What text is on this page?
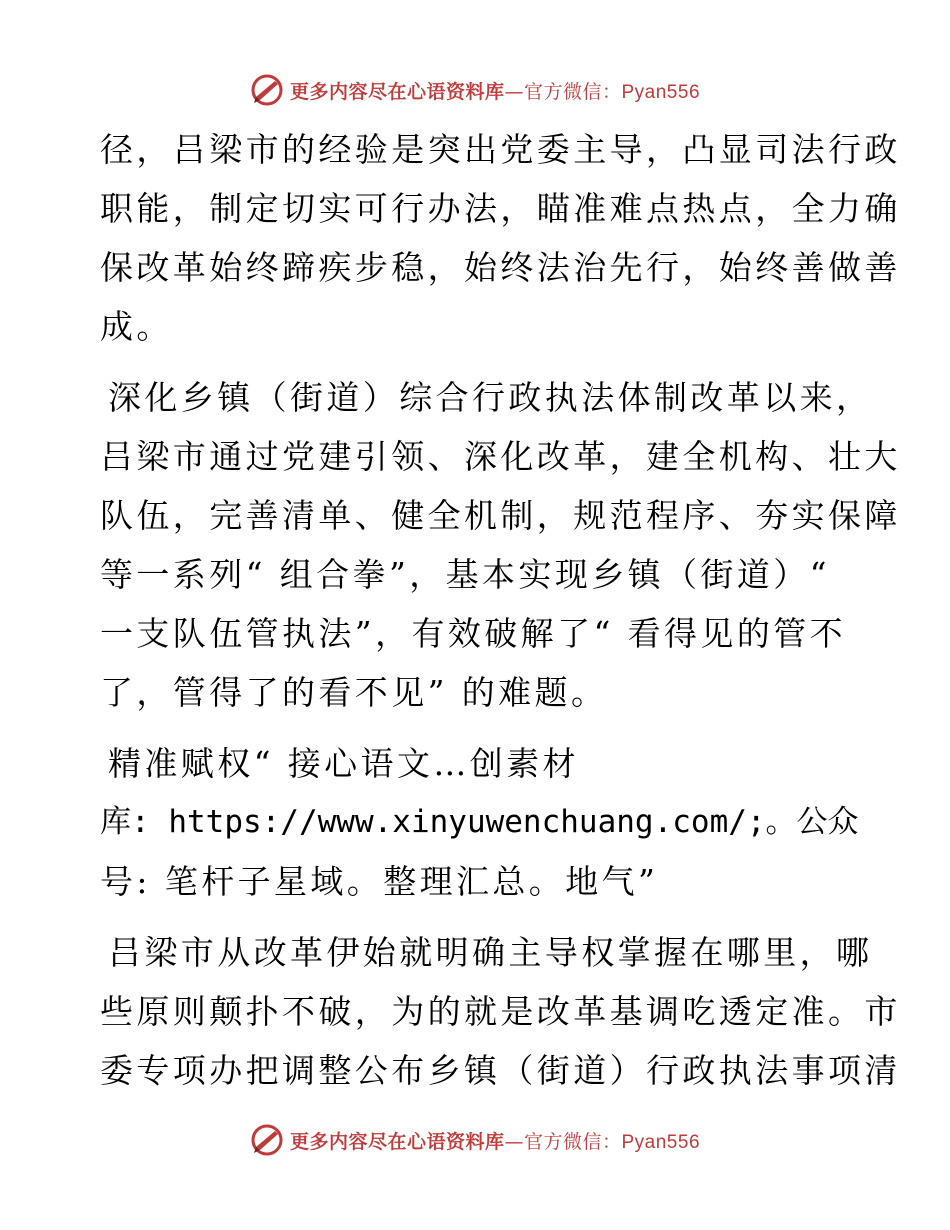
更多内容尽在心语资料库—官方微信：Pyan556

径，吕梁市的经验是突出党委主导，凸显司法行政
职能，制定切实可行办法，瞄准难点热点，全力确
保改革始终蹄疾步稳，始终法治先行，始终善做善
成。

深化乡镇（街道）综合行政执法体制改革以来，
吕梁市通过党建引领、深化改革，建全机构、壮大
队伍，完善清单、健全机制，规范程序、夯实保障
等一系列“ 组合拳”，基本实现乡镇（街道）“
一支队伍管执法”，有效破解了“ 看得见的管不
了，管得了的看不见” 的难题。

精准赋权“ 接心语文…创素材
库: https://www.xinyuwenchuang.com/;。公众
号: 笔杆子星域。整理汇总。地气”

吕梁市从改革伊始就明确主导权掌握在哪里，哪
些原则颠扑不破，为的就是改革基调吃透定准。市
委专项办把调整公布乡镇（街道）行政执法事项清

更多内容尽在心语资料库—官方微信：Pyan556
